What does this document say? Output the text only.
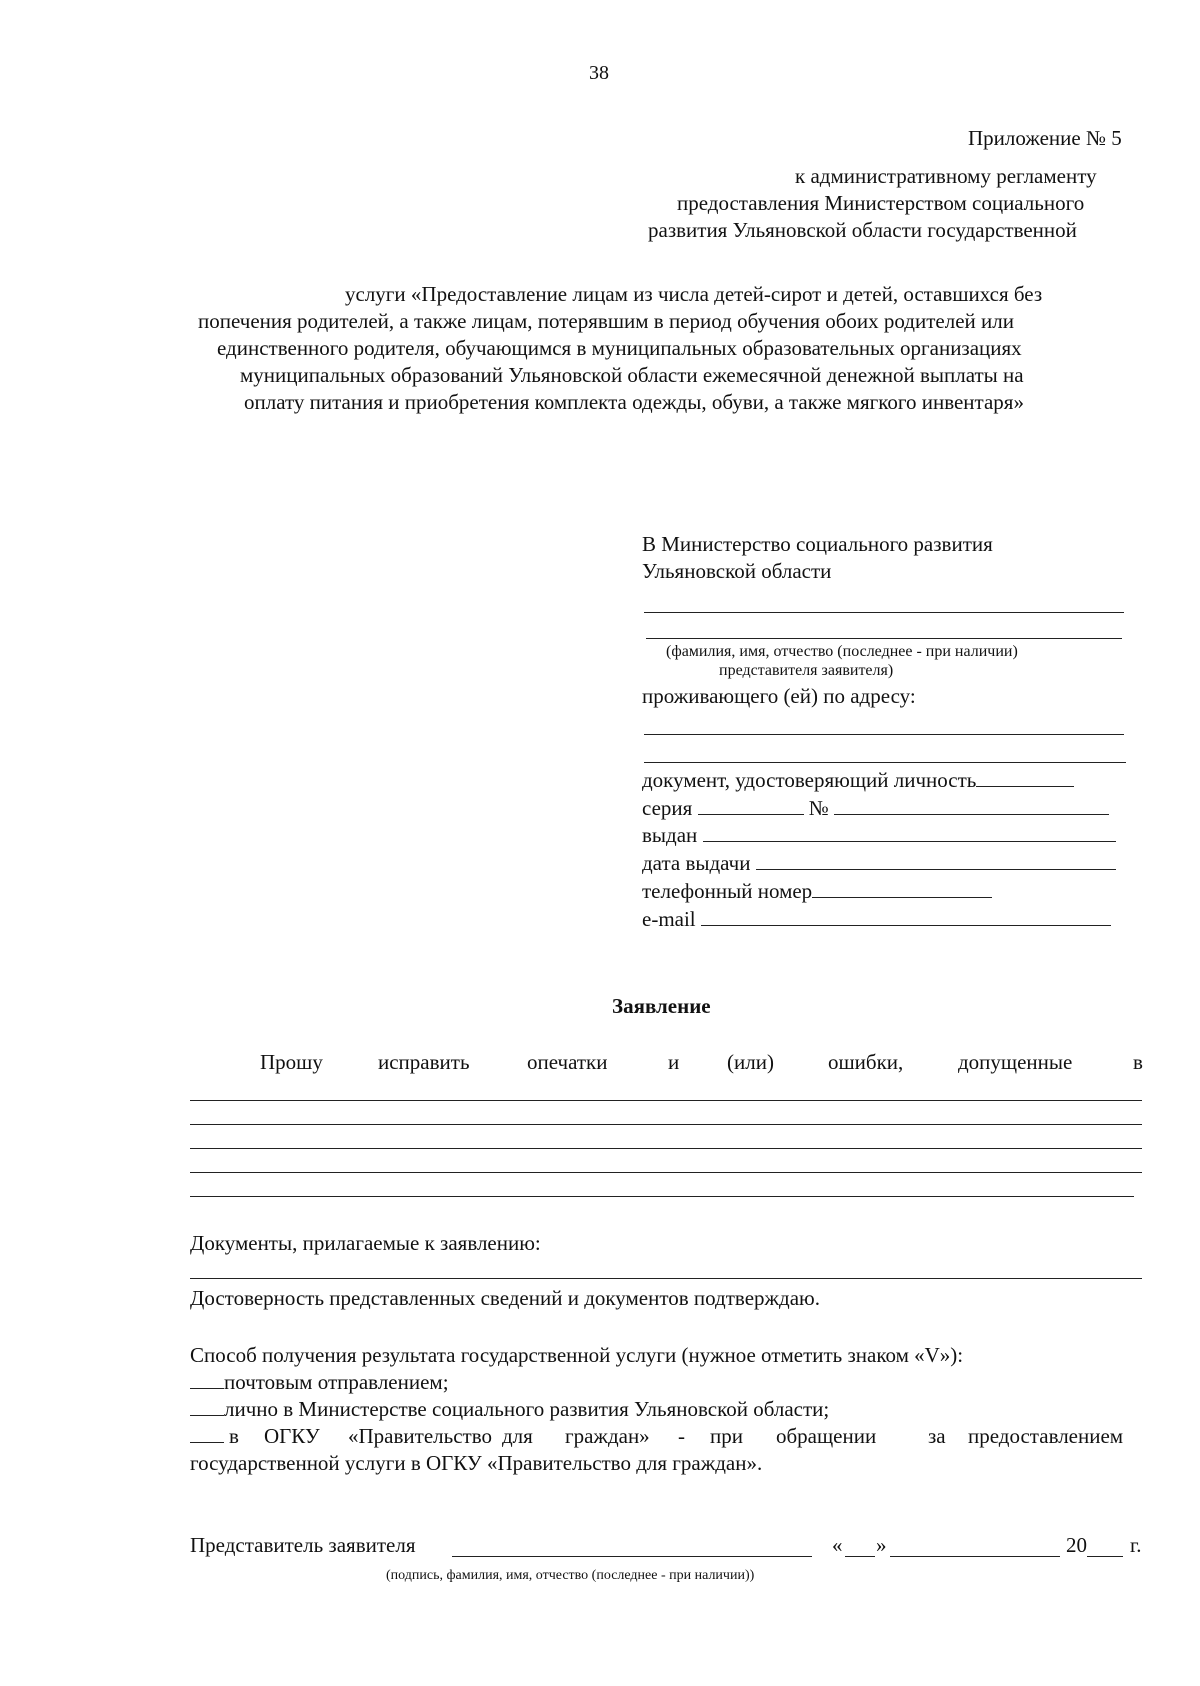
38
Приложение № 5
к административному регламенту
предоставления Министерством социального
развития Ульяновской области государственной
услуги «Предоставление лицам из числа детей-сирот и детей, оставшихся без
попечения родителей, а также лицам, потерявшим в период обучения обоих родителей или
единственного родителя, обучающимся в муниципальных образовательных организациях
муниципальных образований Ульяновской области ежемесячной денежной выплаты на
оплату питания и приобретения комплекта одежды, обуви, а также мягкого инвентаря»
В Министерство социального развития
Ульяновской области
(фамилия, имя, отчество (последнее - при наличии)
представителя заявителя)
проживающего (ей) по адресу:
документ, удостоверяющий личность
серия	№
выдан
дата выдачи
телефонный номер
e-mail
Заявление
Прошу	исправить	опечатки	и (или)	ошибки,	допущенные	в
Документы, прилагаемые к заявлению:
Достоверность представленных сведений и документов подтверждаю.
Способ получения результата государственной услуги (нужное отметить знаком «V»):
почтовым отправлением;
лично в Министерстве социального развития Ульяновской области;
в ОГКУ «Правительство для граждан» - при обращении за предоставлением
государственной услуги в ОГКУ «Правительство для граждан».
Представитель заявителя	« »	20 г.
(подпись, фамилия, имя, отчество (последнее - при наличии))
